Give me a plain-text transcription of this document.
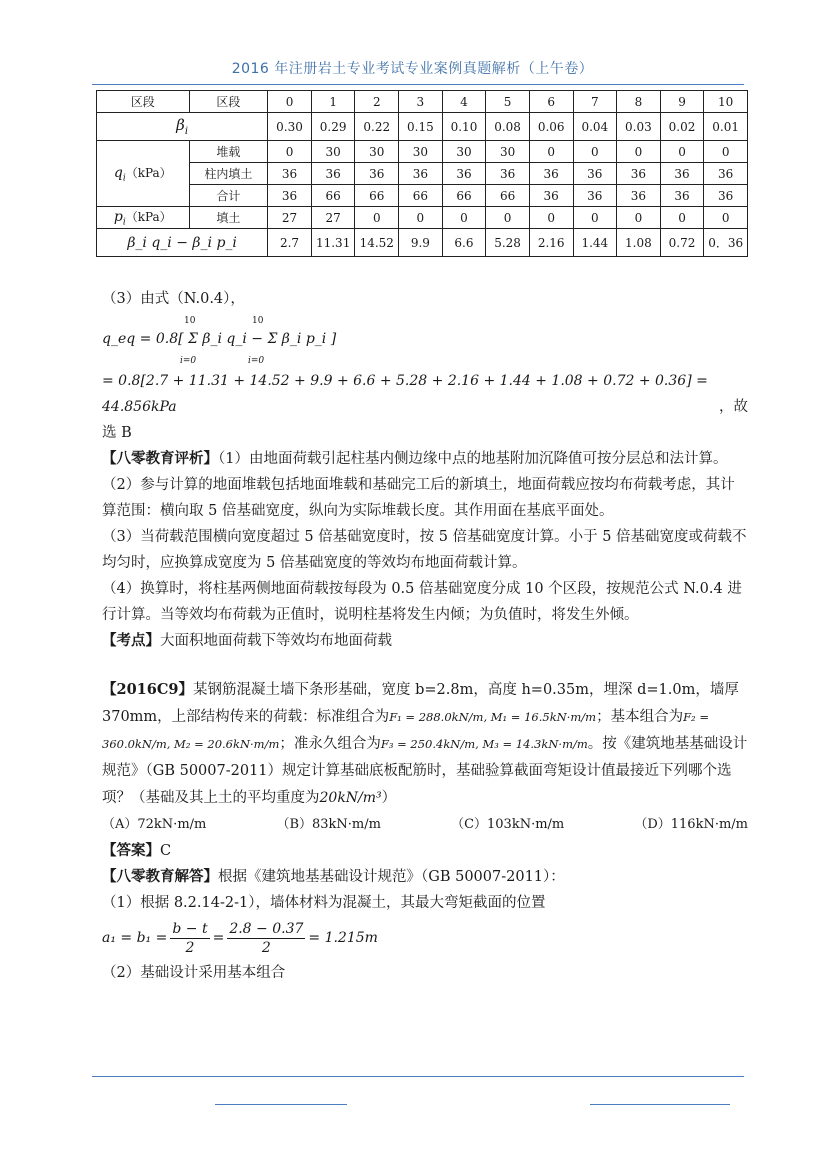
2016 年注册岩土专业考试专业案例真题解析（上午卷）
区段	区段	0	1	2	3	4	5	6	7	8	9	10
$\beta_i$		0.30	0.29	0.22	0.15	0.10	0.08	0.06	0.04	0.03	0.02	0.01
$q_i(kPa)$	堆载	0	30	30	30	30	30	0	0	0	0	0
	柱内填土	36	36	36	36	36	36	36	36	36	36	36
	合计	36	66	66	66	66	66	36	36	36	36	36
$p_i(kPa)$	填土	27	27	0	0	0	0	0	0	0	0	0
β_i q_i − β_i p_i		2.7	11.31	14.52	9.9	6.6	5.28	2.16	1.44	1.08	0.72	0．36

（3）由式（N.0.4），

q_eq = 0.8[ Σ β_i q_i − Σ β_i p_i ]
10
i=0
10
i=0

= 0.8[2.7 + 11.31 + 14.52 + 9.9 + 6.6 + 5.28 + 2.16 + 1.44 + 1.08 + 0.72 + 0.36] = 44.856kPa	，故

选 B

【八零教育评析】（1）由地面荷载引起柱基内侧边缘中点的地基附加沉降值可按分层总和法计算。

（2）参与计算的地面堆载包括地面堆载和基础完工后的新填土，地面荷载应按均布荷载考虑，其计算范围：横向取 5 倍基础宽度，纵向为实际堆载长度。其作用面在基底平面处。

（3）当荷载范围横向宽度超过 5 倍基础宽度时，按 5 倍基础宽度计算。小于 5 倍基础宽度或荷载不均匀时，应换算成宽度为 5 倍基础宽度的等效均布地面荷载计算。

（4）换算时，将柱基两侧地面荷载按每段为 0.5 倍基础宽度分成 10 个区段，按规范公式 N.0.4 进行计算。当等效均布荷载为正值时，说明柱基将发生内倾；为负值时，将发生外倾。

【考点】大面积地面荷载下等效均布地面荷载

【2016C9】某钢筋混凝土墙下条形基础，宽度 b=2.8m，高度 h=0.35m，埋深 d=1.0m，墙厚 370mm，上部结构传来的荷载：标准组合为F₁ = 288.0kN/m, M₁ = 16.5kN·m/m；基本组合为F₂ = 360.0kN/m, M₂ = 20.6kN·m/m；准永久组合为F₃ = 250.4kN/m, M₃ = 14.3kN·m/m。按《建筑地基基础设计规范》（GB 50007-2011）规定计算基础底板配筋时，基础验算截面弯矩设计值最接近下列哪个选项？（基础及其上土的平均重度为20kN/m³）

（A）72kN·m/m	（B）83kN·m/m	（C）103kN·m/m	（D）116kN·m/m

【答案】C

【八零教育解答】根据《建筑地基基础设计规范》（GB 50007-2011）：

（1）根据 8.2.14-2-1），墙体材料为混凝土，其最大弯矩截面的位置

$a_1 = b_1 = \frac{b - t}{2} = \frac{2.8 - 0.37}{2} = 1.215m$

（2）基础设计采用基本组合
